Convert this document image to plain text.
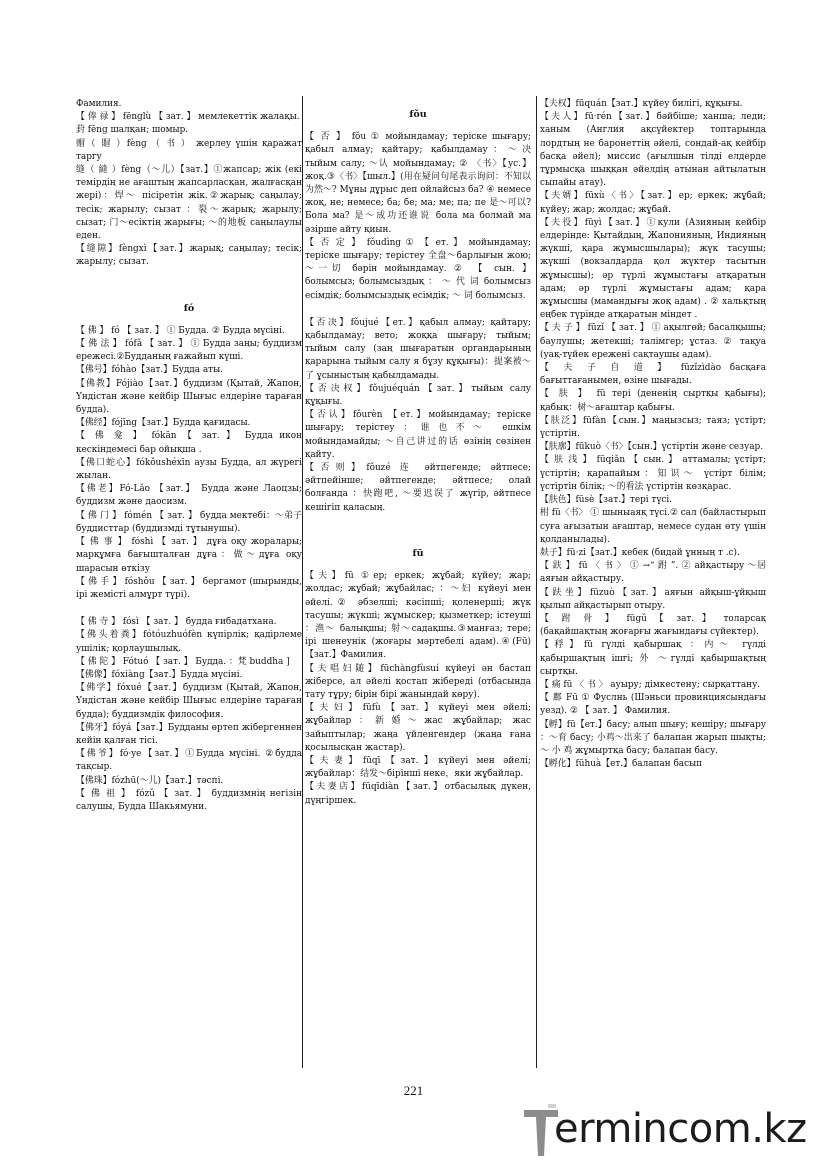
Фамилия.
【 俸 禄 】 fēnglù 【 зат. 】 мемлекеттік жалақы.
葑 fēng шалқан; шомыр.
赗（ 賵 ）fèng （ 书 ） жерлеу үшін қаражат таргу
缝（ 縫 ）fèng（～儿）【зат.】①жапсар; жік (екі темірдің не ағаштың жапсарласқан, жалғасқан жері)：焊～ пісіретін жік.②жарық; саңылау; тесік; жарылу; сызат ：裂～жарық; жарылу; сызат; 门～есіктің жарығы; ～的地板 саңылаулы еден.
【缝隙】fèngxì【зат.】жарық; саңылау; тесік; жарылу; сызат.
fó
【 佛 】 fó 【 зат. 】 ① Будда. ② Будда мүсіні.
【 佛 法 】 fófǎ 【 зат. 】 ① Будда заңы; буддизм ережесі.②Будданың ғажайып күші.
【佛号】fóhào【зат.】Будда аты.
【佛教】Fójiào【зат.】буддизм (Қытай, Жапон, Үндістан және кейбір Шығыс елдеріне тараған будда).
【佛经】fójīng【зат.】Будда қағидасы.
【 佛 龛 】 fókān 【 зат. 】 Будда икон кескіндемесі бар ойықша .
【佛口蛇心】fókǒushéxīn аузы Будда, ал жүрегі жылан.
【佛老】Fó-Lǎo 【зат.】 Будда және Лаоцзы; буддизм және даосизм.
【 佛 门 】 fómén 【 зат. 】 будда мектебі：～弟子 буддисттар (буддизмді тұтынушы).
【 佛 事 】 fóshì 【 зат. 】 дұға оқу жоралары; марқұмға бағышталған дұға：做～дұға оқу шарасын өткізу
【 佛 手 】 fóshǒu 【 зат. 】 бергамот (шырынды, ірі жемісті алмұрт түрі).
【 佛 寺 】 fósì 【 зат. 】 будда ғибадатхана.
【佛头着粪】fótóuzhuófèn күпірлік; қадірлеме ушілік; қорлаушылық.
【 佛 陀 】 Fótuó 【 зат. 】 Будда. ：梵 buddha ]
【佛像】fóxiàng【зат.】Будда мүсіні.
【佛学】fóxué【зат.】буддизм (Қытай, Жапон, Үндістан және кейбір Шығыс елдеріне тараған будда); буддизмдік философия.
【佛牙】fóyá【зат.】Будданы өртеп жібергеннен кейін қалған тісі.
【佛爷】fó·ye【зат.】①Будда мүсіні. ②будда тақсыр.
【佛珠】fózhū(～儿)【зат.】тәспі.
【 佛 祖 】 fózǔ 【 зат. 】 буддизмнің негізін салушы, Будда Шакьямуни.
fǒu
【 否 】 fǒu ① мойындамау; теріске шығару; қабыл алмау; қайтару; қабылдамау：～决 тыйым салу; ～认 мойындамау; ② 〈书〉【ус.】жоқ.③〈书〉【шыл.】(用在疑问句尾表示询问：不知以为然～? Мұны дұрыс деп ойлайсыз ба? ④ немесе жоқ, не; немесе; ба; бе; ма; ме; па; пе 是～可以?Бола ма? 是～成功还谁说 бола ма болмай ма әзірше айту қиын.
【 否 定 】 fǒudìng ① 【 ет. 】 мойындамау; теріске шығару; терістеу 全盘～барлығын жою; ～一切 бәрін мойындамау. ② 【 сын. 】 болымсыз; болымсыздық ： ～ 代 词 болымсыз есімдік; болымсыздық есімдік; ～ 词 болымсыз.
【否决】fǒujué【ет.】қабыл алмау; қайтару; қабылдамау; вето; жоққа шығару; тыйым; тыйым салу (заң шығаратын органдарының қарарына тыйым салу я бұзу құқығы)：提案被～了 ұсыныстың қабылдамады.
【否决权】fǒujuéquán【зат.】тыйым салу құқығы.
【否认】fǒurèn 【ет.】мойындамау; теріске шығару; терістеу：谁也不～ ешкім мойындамайды; ～自己讲过的话 өзінің сөзінен қайту.
【否则】fǒuzé 连 әйтпегенде; әйтпесе; әйтпейінше; әйтпегенде; әйтпесе; олай болғанда ：快跑吧, ～要迟误了 жүгір, әйтпесе кешігіп қаласың.
fū
【夫】fū ①ер; еркек; жұбай; күйеу; жар; жолдас; жұбай; жұбайлас; ：～妇 күйеуі мен әйелі.② әбзелші; кәсіпші; қоленерші; жүк тасушы; жүкші; жұмыскер; қызметкер; істеуші ：渔～ балықшы; 射～садақшы.③манғаз; тере; ірі шенеунік (жоғары мәртебелі адам).④(Fū)【зат.】Фамилия.
【夫唱妇随】fūchàngfùsuí күйеуі ән бастап жіберсе, ал әйелі қостап жібереді (отбасында тату тұру; бірін бірі жанындай көру).
【夫妇】fūfù【зат.】күйеуі мен әйелі; жұбайлар：新婚～жас жұбайлар; жас зайыптылар; жаңа үйленгендер (жаңа ғана қосылысқан жастар).
【夫妻】fūqī【зат.】күйеуі мен әйелі; жұбайлар：结发～бірінші неке，яки жұбайлар.
【夫妻店】fūqīdiàn【зат.】отбасылық дүкен, дүңгіршек.
【夫权】fūquán【зат.】күйеу билігі, құқығы.
【夫人】fū·rén【зат.】бәйбіше; ханша; леди; ханым (Англия ақсүйектер топтарында лордтың не баронеттің әйелі, сондай-ақ кейбір басқа әйел); миссис (ағылшын тілді елдерде тұрмысқа шыққан әйелдің атынан айтылатын сыпайы атау).
【夫婿】fūxù〈书〉【зат.】ер; еркек; жұбай; күйеу; жар; жолдас; жұбай.
【夫役】fūyì【зат.】①кули (Азияның кейбір елдерінде: Қытайдың, Жапонияның, Индияның жүкші, қара жұмысшылары); жүк тасушы; жүкші (вокзалдарда қол жүктер тасытын жұмысшы); әр түрлі жұмыстағы атқаратын адам; әр түрлі жұмыстағы адам; қара жұмысшы (мамандығы жоқ адам) . ② хальқтың еңбек түрінде атқаратын міндет .
【 夫 子 】 fūzǐ 【 зат. 】 ① ақылгөй; басалқышы; баулушы; жетекші; талімгер; ұстаз. ② тақуа (уақ-түйек ережені сақтаушы адам).
【 夫 子 自 道 】 fūzǐzìdào басқаға бағыттағанымен, өзіне шығады.
【 肤 】 fū тері (дененің сыртқы қабығы); қабық：树～ағаштар қабығы.
【肤泛】fūfàn【сын.】маңызсыз; таяз; үстірт; үстіртін.
【肤廓】fūkuò〈书〉【сын.】үстіртін және сезуар.
【 肤 浅 】 fūqiǎn 【 сын. 】 аттамалы; үстірт; үстіртін; қарапайым：知识～ үстірт білім; үстіртін білік; ～的看法 үстіртін көзқарас.
【肤色】fūsè【зат.】тері түсі.
柎 fū〈书〉 ① шыныаяқ түсі.② сал (байластырып суға ағызатын ағаштар, немесе судан өту үшін қолданылады).
麸子】fū·zi【зат.】кебек (бидай ұнның т .с).
【 趺 】 fū 〈 书 〉 ① →“ 跗 ”. ② айқастыру ～居 аяғын айқастыру.
【趺坐】fūzuò【зат.】аяғын айқыш-ұйқыш қылып айқастырып отыру.
【 跗 骨 】 fūgǔ 【 зат. 】 толарсақ (бақайшақтың жоғарғы жағындағы сүйектер).
【稃】fū гүлді қабыршақ ：内～ гүлді қабыршақтың ішгі; 外 ～гүлді қабыршақтың сыртқы.
【 痛 fū 〈 书 〉 ауыру; дімкестену; сырқаттану.
【 鄜 Fū ① Фуслнь (Шэньси провинциясындағы уезд). ② 【 зат. 】 Фамилия.
【孵】fū【ет.】басу; алып шығу; кешіру; шығару ：～育 басу; 小鸡～出来了 балапан жарып шықты; ～ 小 鸡 жұмыртқа басу; балапан басу.
【孵化】fūhuà【ет.】балапан басып
221
ermincom.kz
